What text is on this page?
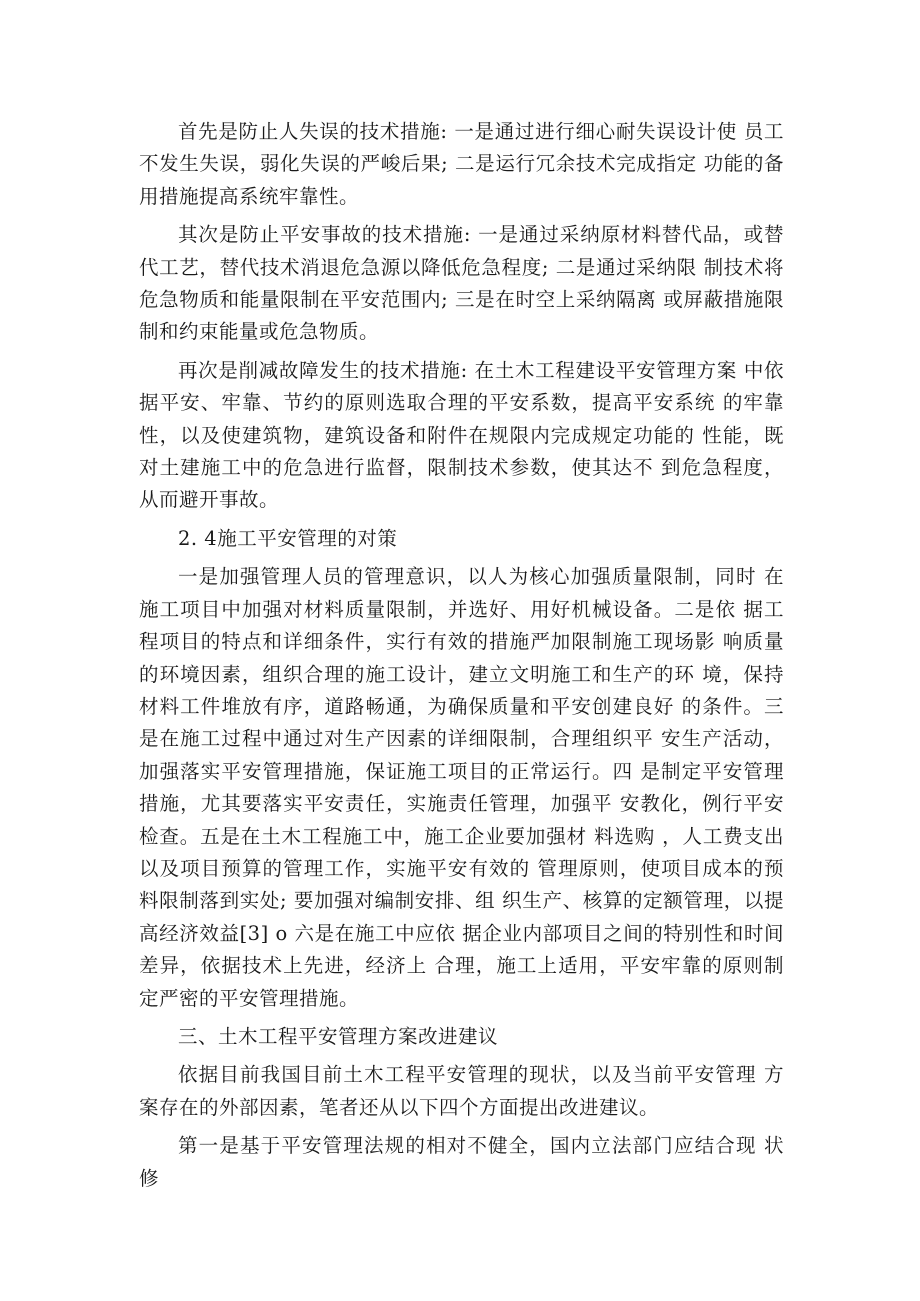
首先是防止人失误的技术措施: 一是通过进行细心耐失误设计使 员工不发生失误，弱化失误的严峻后果; 二是运行冗余技术完成指定 功能的备用措施提高系统牢靠性。

其次是防止平安事故的技术措施: 一是通过采纳原材料替代品，或替代工艺，替代技术消退危急源以降低危急程度; 二是通过采纳限 制技术将危急物质和能量限制在平安范围内; 三是在时空上采纳隔离 或屏蔽措施限制和约束能量或危急物质。

再次是削减故障发生的技术措施: 在土木工程建设平安管理方案 中依据平安、牢靠、节约的原则选取合理的平安系数，提高平安系统 的牢靠性，以及使建筑物，建筑设备和附件在规限内完成规定功能的 性能，既对土建施工中的危急进行监督，限制技术参数，使其达不 到危急程度，从而避开事故。

2. 4施工平安管理的对策

一是加强管理人员的管理意识，以人为核心加强质量限制，同时 在施工项目中加强对材料质量限制，并选好、用好机械设备。二是依 据工程项目的特点和详细条件，实行有效的措施严加限制施工现场影 响质量的环境因素，组织合理的施工设计，建立文明施工和生产的环 境，保持材料工件堆放有序，道路畅通，为确保质量和平安创建良好 的条件。三是在施工过程中通过对生产因素的详细限制，合理组织平 安生产活动，加强落实平安管理措施，保证施工项目的正常运行。四 是制定平安管理措施，尤其要落实平安责任，实施责任管理，加强平 安教化，例行平安检查。五是在土木工程施工中，施工企业要加强材 料选购 ，人工费支出以及项目预算的管理工作，实施平安有效的 管理原则，使项目成本的预料限制落到实处; 要加强对编制安排、组 织生产、核算的定额管理，以提高经济效益[3] o 六是在施工中应依 据企业内部项目之间的特别性和时间差异，依据技术上先进，经济上 合理，施工上适用，平安牢靠的原则制定严密的平安管理措施。

三、土木工程平安管理方案改进建议

依据目前我国目前土木工程平安管理的现状，以及当前平安管理 方案存在的外部因素，笔者还从以下四个方面提出改进建议。

第一是基于平安管理法规的相对不健全，国内立法部门应结合现 状修
